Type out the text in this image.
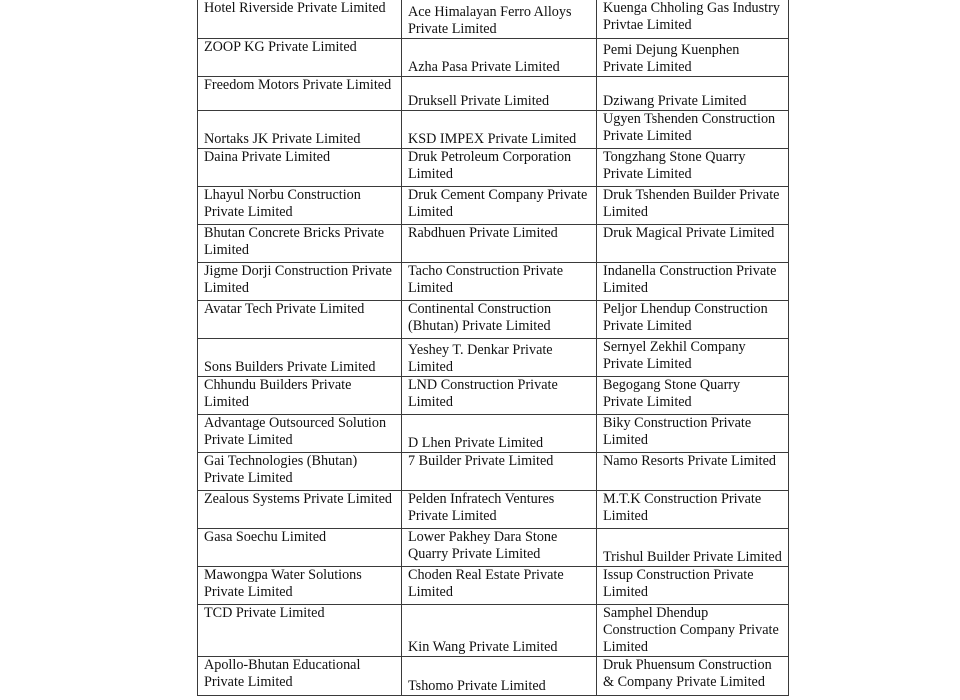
Hotel Riverside Private Limited	Ace Himalayan Ferro Alloys Private Limited	Kuenga Chholing Gas Industry Privtae Limited
ZOOP KG Private Limited	Azha Pasa Private Limited	Pemi Dejung Kuenphen Private Limited
Freedom Motors Private Limited	Druksell Private Limited	Dziwang Private Limited
Nortaks JK Private Limited	KSD IMPEX Private Limited	Ugyen Tshenden Construction Private Limited
Daina Private Limited	Druk Petroleum Corporation Limited	Tongzhang Stone Quarry Private Limited
Lhayul Norbu Construction Private Limited	Druk Cement Company Private Limited	Druk Tshenden Builder Private Limited
Bhutan Concrete Bricks Private Limited	Rabdhuen Private Limited	Druk Magical Private Limited
Jigme Dorji Construction Private Limited	Tacho Construction Private Limited	Indanella Construction Private Limited
Avatar Tech Private Limited	Continental Construction (Bhutan) Private Limited	Peljor Lhendup Construction Private Limited
Sons Builders Private Limited	Yeshey T. Denkar Private Limited	Sernyel Zekhil Company Private Limited
Chhundu Builders Private Limited	LND Construction Private Limited	Begogang Stone Quarry Private Limited
Advantage Outsourced Solution Private Limited	D Lhen Private Limited	Biky Construction Private Limited
Gai Technologies (Bhutan) Private Limited	7 Builder Private Limited	Namo Resorts Private Limited
Zealous Systems Private Limited	Pelden Infratech Ventures Private Limited	M.T.K Construction Private Limited
Gasa Soechu Limited	Lower Pakhey Dara Stone Quarry Private Limited	Trishul Builder Private Limited
Mawongpa Water Solutions Private Limited	Choden Real Estate Private Limited	Issup Construction Private Limited
TCD Private Limited	Kin Wang Private Limited	Samphel Dhendup Construction Company Private Limited
Apollo-Bhutan Educational Private Limited	Tshomo Private Limited	Druk Phuensum Construction & Company Private Limited
